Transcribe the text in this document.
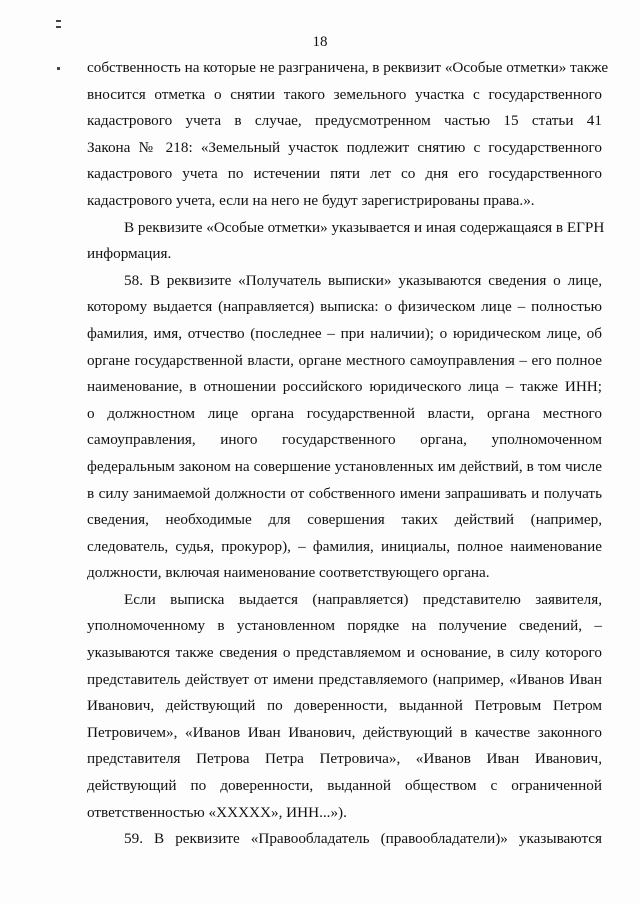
18
собственность на которые не разграничена, в реквизит «Особые отметки» также
вносится отметка о снятии такого земельного участка с государственного
кадастрового учета в случае, предусмотренном частью 15 статьи 41
Закона № 218: «Земельный участок подлежит снятию с государственного
кадастрового учета по истечении пяти лет со дня его государственного
кадастрового учета, если на него не будут зарегистрированы права.».
В реквизите «Особые отметки» указывается и иная содержащаяся в ЕГРН
информация.
58. В реквизите «Получатель выписки» указываются сведения о лице,
которому выдается (направляется) выписка: о физическом лице – полностью
фамилия, имя, отчество (последнее – при наличии); о юридическом лице, об
органе государственной власти, органе местного самоуправления – его полное
наименование, в отношении российского юридического лица – также ИНН;
о должностном лице органа государственной власти, органа местного
самоуправления, иного государственного органа, уполномоченном
федеральным законом на совершение установленных им действий, в том числе
в силу занимаемой должности от собственного имени запрашивать и получать
сведения, необходимые для совершения таких действий (например,
следователь, судья, прокурор), – фамилия, инициалы, полное наименование
должности, включая наименование соответствующего органа.
Если выписка выдается (направляется) представителю заявителя,
уполномоченному в установленном порядке на получение сведений, –
указываются также сведения о представляемом и основание, в силу которого
представитель действует от имени представляемого (например, «Иванов Иван
Иванович, действующий по доверенности, выданной Петровым Петром
Петровичем», «Иванов Иван Иванович, действующий в качестве законного
представителя Петрова Петра Петровича», «Иванов Иван Иванович,
действующий по доверенности, выданной обществом с ограниченной
ответственностью «XXXXX», ИНН...»).
59. В реквизите «Правообладатель (правообладатели)» указываются
